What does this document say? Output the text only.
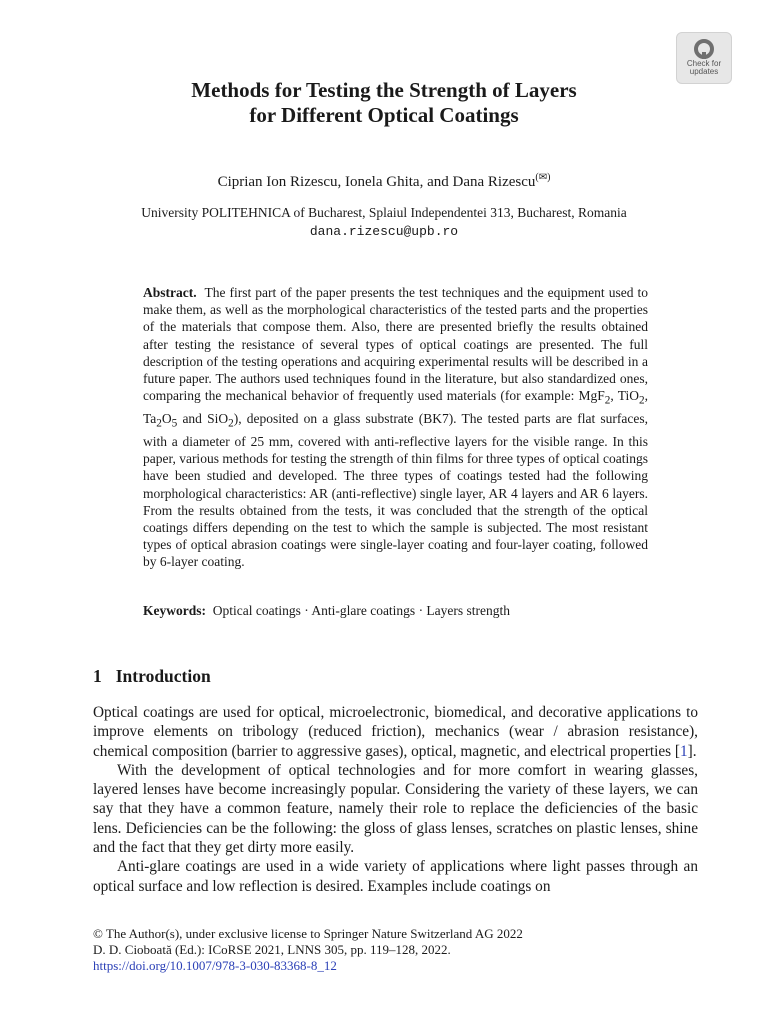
Check for
updates
Methods for Testing the Strength of Layers
for Different Optical Coatings
Ciprian Ion Rizescu, Ionela Ghita, and Dana Rizescu(✉)
University POLITEHNICA of Bucharest, Splaiul Independentei 313, Bucharest, Romania
dana.rizescu@upb.ro
Abstract. The first part of the paper presents the test techniques and the equipment used to make them, as well as the morphological characteristics of the tested parts and the properties of the materials that compose them. Also, there are presented briefly the results obtained after testing the resistance of several types of optical coatings are presented. The full description of the testing operations and acquiring experimental results will be described in a future paper. The authors used techniques found in the literature, but also standardized ones, comparing the mechanical behavior of frequently used materials (for example: MgF$_2$, TiO$_2$, $Ta_2O_5$ and SiO$_2$), deposited on a glass substrate (BK7). The tested parts are flat surfaces, with a diameter of 25 mm, covered with anti-reflective layers for the visible range. In this paper, various methods for testing the strength of thin films for three types of optical coatings have been studied and developed. The three types of coatings tested had the following morphological characteristics: AR (anti-reflective) single layer, AR 4 layers and AR 6 layers. From the results obtained from the tests, it was concluded that the strength of the optical coatings differs depending on the test to which the sample is subjected. The most resistant types of optical abrasion coatings were single-layer coating and four-layer coating, followed by 6-layer coating.
Keywords: Optical coatings · Anti-glare coatings · Layers strength
1 Introduction

Optical coatings are used for optical, microelectronic, biomedical, and decorative applications to improve elements on tribology (reduced friction), mechanics (wear / abrasion resistance), chemical composition (barrier to aggressive gases), optical, magnetic, and electrical properties [1].

With the development of optical technologies and for more comfort in wearing glasses, layered lenses have become increasingly popular. Considering the variety of these layers, we can say that they have a common feature, namely their role to replace the deficiencies of the basic lens. Deficiencies can be the following: the gloss of glass lenses, scratches on plastic lenses, shine and the fact that they get dirty more easily.

Anti-glare coatings are used in a wide variety of applications where light passes through an optical surface and low reflection is desired. Examples include coatings on

© The Author(s), under exclusive license to Springer Nature Switzerland AG 2022
D. D. Cioboată (Ed.): ICoRSE 2021, LNNS 305, pp. 119–128, 2022.
https://doi.org/10.1007/978-3-030-83368-8_12
